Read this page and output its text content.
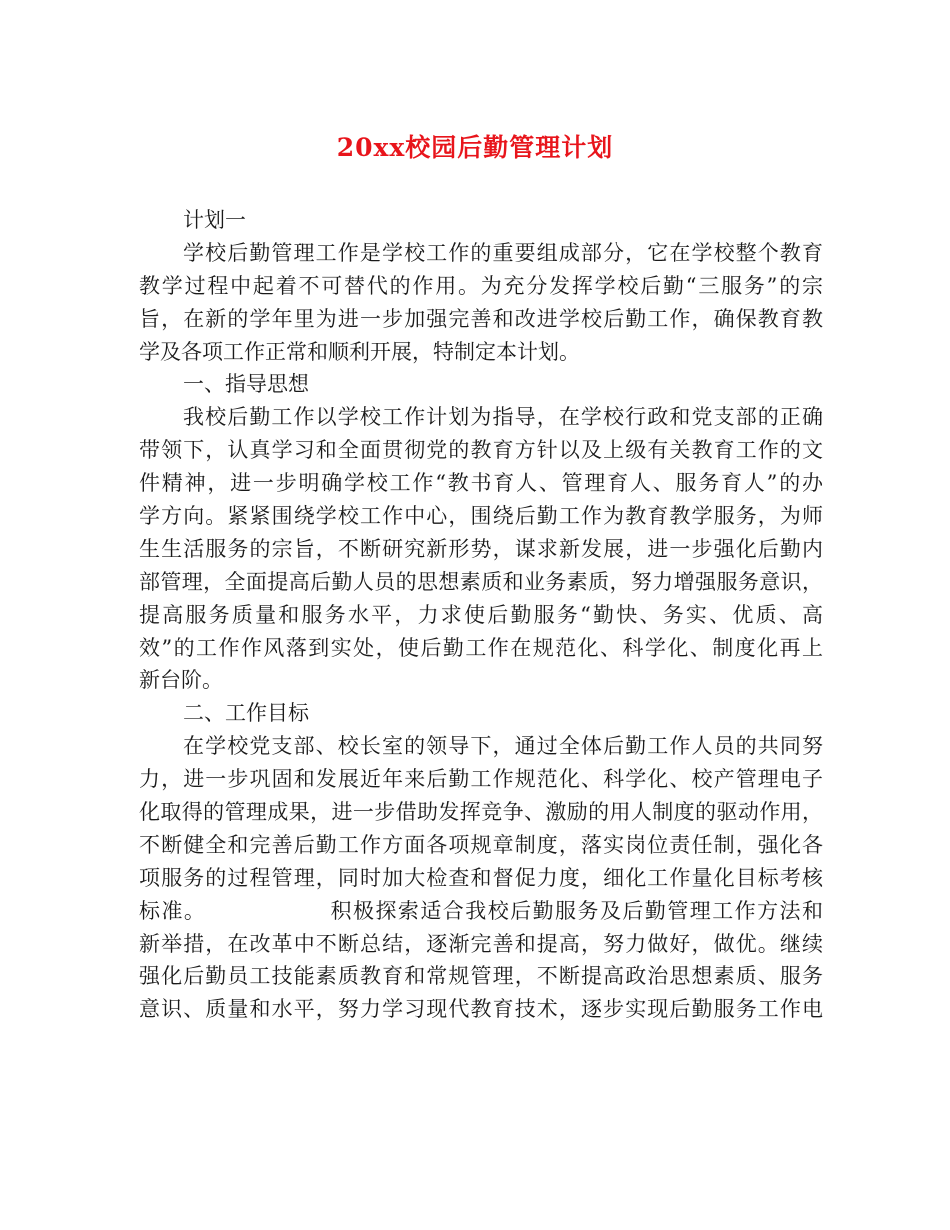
20xx校园后勤管理计划
计划一
学校后勤管理工作是学校工作的重要组成部分，它在学校整个教育
教学过程中起着不可替代的作用。为充分发挥学校后勤“三服务”的宗
旨，在新的学年里为进一步加强完善和改进学校后勤工作，确保教育教
学及各项工作正常和顺利开展，特制定本计划。
一、指导思想
我校后勤工作以学校工作计划为指导，在学校行政和党支部的正确
带领下，认真学习和全面贯彻党的教育方针以及上级有关教育工作的文
件精神，进一步明确学校工作“教书育人、管理育人、服务育人”的办
学方向。紧紧围绕学校工作中心，围绕后勤工作为教育教学服务，为师
生生活服务的宗旨，不断研究新形势，谋求新发展，进一步强化后勤内
部管理，全面提高后勤人员的思想素质和业务素质，努力增强服务意识，
提高服务质量和服务水平，力求使后勤服务“勤快、务实、优质、高
效”的工作作风落到实处，使后勤工作在规范化、科学化、制度化再上
新台阶。
二、工作目标
在学校党支部、校长室的领导下，通过全体后勤工作人员的共同努
力，进一步巩固和发展近年来后勤工作规范化、科学化、校产管理电子
化取得的管理成果，进一步借助发挥竞争、激励的用人制度的驱动作用，
不断健全和完善后勤工作方面各项规章制度，落实岗位责任制，强化各
项服务的过程管理，同时加大检查和督促力度，细化工作量化目标考核
标准。　　　　　　积极探索适合我校后勤服务及后勤管理工作方法和
新举措，在改革中不断总结，逐渐完善和提高，努力做好，做优。继续
强化后勤员工技能素质教育和常规管理，不断提高政治思想素质、服务
意识、质量和水平，努力学习现代教育技术，逐步实现后勤服务工作电
